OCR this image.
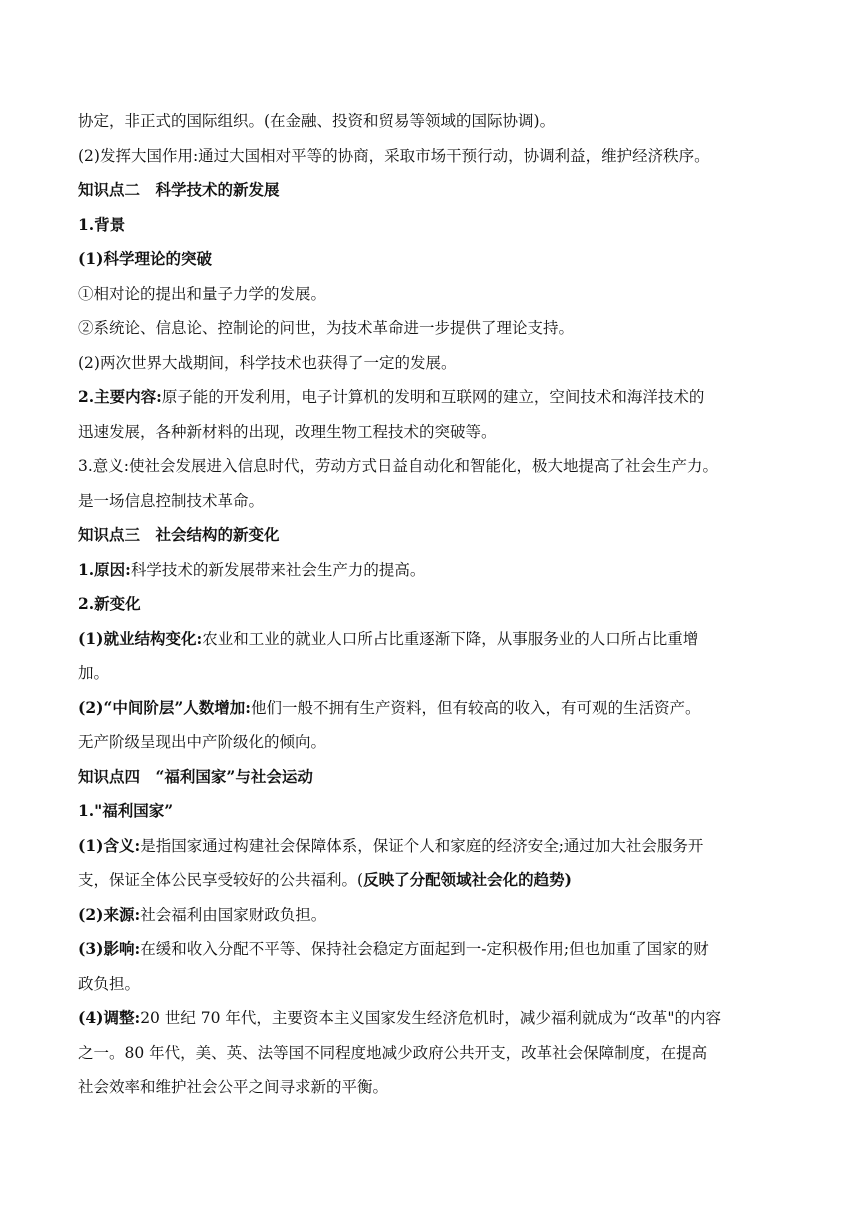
协定，非正式的国际组织。(在金融、投资和贸易等领域的国际协调)。
(2)发挥大国作用:通过大国相对平等的协商，采取市场干预行动，协调利益，维护经济秩序。
知识点二　科学技术的新发展
1.背景
(1)科学理论的突破
①相对论的提出和量子力学的发展。
②系统论、信息论、控制论的问世，为技术革命进一步提供了理论支持。
(2)两次世界大战期间，科学技术也获得了一定的发展。
2.主要内容:原子能的开发利用，电子计算机的发明和互联网的建立，空间技术和海洋技术的
迅速发展，各种新材料的出现，改理生物工程技术的突破等。
3.意义:使社会发展进入信息时代，劳动方式日益自动化和智能化，极大地提高了社会生产力。
是一场信息控制技术革命。
知识点三　社会结构的新变化
1.原因:科学技术的新发展带来社会生产力的提高。
2.新变化
(1)就业结构变化:农业和工业的就业人口所占比重逐渐下降，从事服务业的人口所占比重增
加。
(2)“中间阶层”人数增加:他们一般不拥有生产资料，但有较高的收入，有可观的生活资产。
无产阶级呈现出中产阶级化的倾向。
知识点四　“福利国家”与社会运动
1."福利国家”
(1)含义:是指国家通过构建社会保障体系，保证个人和家庭的经济安全;通过加大社会服务开
支，保证全体公民享受较好的公共福利。(反映了分配领域社会化的趋势)
(2)来源:社会福利由国家财政负担。
(3)影响:在缓和收入分配不平等、保持社会稳定方面起到一-定积极作用;但也加重了国家的财
政负担。
(4)调整:20 世纪 70 年代，主要资本主义国家发生经济危机时，减少福利就成为“改革"的内容
之一。80 年代，美、英、法等国不同程度地减少政府公共开支，改革社会保障制度，在提高
社会效率和维护社会公平之间寻求新的平衡。
